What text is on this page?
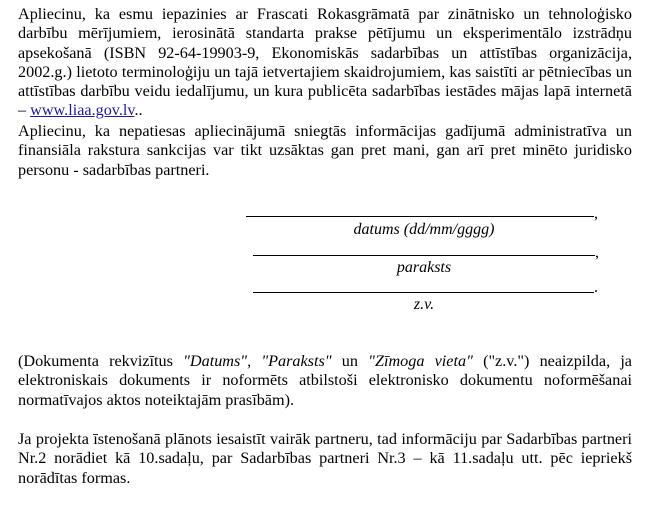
Apliecinu, ka esmu iepazinies ar Frascati Rokasgrāmatā par zinātnisko un tehnoloģisko darbību mērījumiem, ierosinātā standarta prakse pētījumu un eksperimentālo izstrādņu apsekošanā (ISBN 92-64-19903-9, Ekonomiskās sadarbības un attīstības organizācija, 2002.g.) lietoto terminoloģiju un tajā ietvertajiem skaidrojumiem, kas saistīti ar pētniecības un attīstības darbību veidu iedalījumu, un kura publicēta sadarbības iestādes mājas lapā internetā – www.liaa.gov.lv..

Apliecinu, ka nepatiesas apliecinājumā sniegtās informācijas gadījumā administratīva un finansiāla rakstura sankcijas var tikt uzsāktas gan pret mani, gan arī pret minēto juridisko personu - sadarbības partneri.

,
datums (dd/mm/gggg)
,
paraksts
.
z.v.

(Dokumenta rekvizītus "Datums", "Paraksts" un "Zīmoga vieta" ("z.v.") neaizpilda, ja elektroniskais dokuments ir noformēts atbilstoši elektronisko dokumentu noformēšanai normatīvajos aktos noteiktajām prasībām).

Ja projekta īstenošanā plānots iesaistīt vairāk partneru, tad informāciju par Sadarbības partneri Nr.2 norādiet kā 10.sadaļu, par Sadarbības partneri Nr.3 – kā 11.sadaļu utt. pēc iepriekš norādītas formas.
